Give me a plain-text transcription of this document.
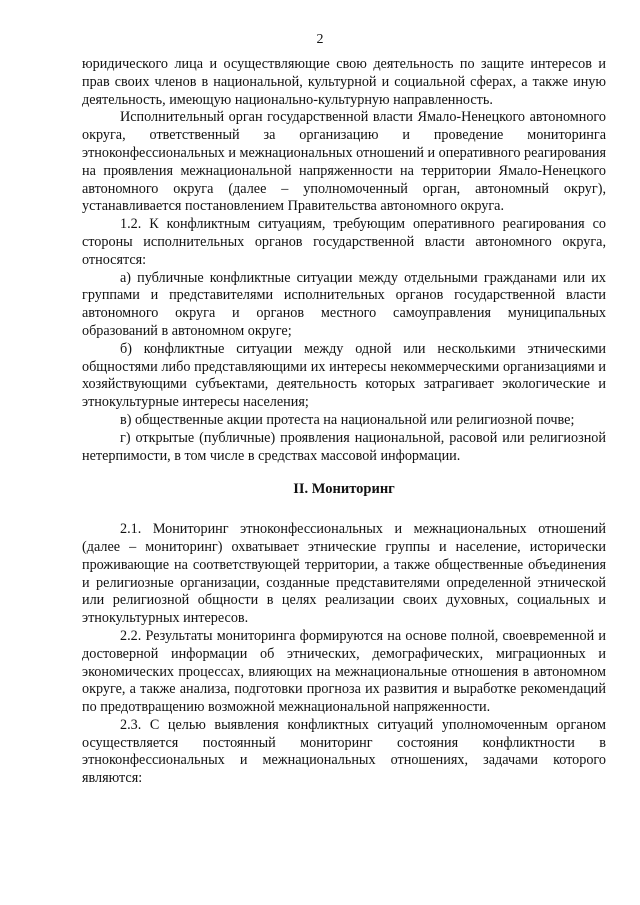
2

юридического лица и осуществляющие свою деятельность по защите интересов и прав своих членов в национальной, культурной и социальной сферах, а также иную деятельность, имеющую национально-культурную направленность.

Исполнительный орган государственной власти Ямало-Ненецкого автономного округа, ответственный за организацию и проведение мониторинга этноконфессиональных и межнациональных отношений и оперативного реагирования на проявления межнациональной напряженности на территории Ямало-Ненецкого автономного округа (далее – уполномоченный орган, автономный округ), устанавливается постановлением Правительства автономного округа.

1.2. К конфликтным ситуациям, требующим оперативного реагирования со стороны исполнительных органов государственной власти автономного округа, относятся:

а) публичные конфликтные ситуации между отдельными гражданами или их группами и представителями исполнительных органов государственной власти автономного округа и органов местного самоуправления муниципальных образований в автономном округе;

б) конфликтные ситуации между одной или несколькими этническими общностями либо представляющими их интересы некоммерческими организациями и хозяйствующими субъектами, деятельность которых затрагивает экологические и этнокультурные интересы населения;

в) общественные акции протеста на национальной или религиозной почве;

г) открытые (публичные) проявления национальной, расовой или религиозной нетерпимости, в том числе в средствах массовой информации.

II. Мониторинг

2.1. Мониторинг этноконфессиональных и межнациональных отношений (далее – мониторинг) охватывает этнические группы и население, исторически проживающие на соответствующей территории, а также общественные объединения и религиозные организации, созданные представителями определенной этнической или религиозной общности в целях реализации своих духовных, социальных и этнокультурных интересов.

2.2. Результаты мониторинга формируются на основе полной, своевременной и достоверной информации об этнических, демографических, миграционных и экономических процессах, влияющих на межнациональные отношения в автономном округе, а также анализа, подготовки прогноза их развития и выработке рекомендаций по предотвращению возможной межнациональной напряженности.

2.3. С целью выявления конфликтных ситуаций уполномоченным органом осуществляется постоянный мониторинг состояния конфликтности в этноконфессиональных и межнациональных отношениях, задачами которого являются:
